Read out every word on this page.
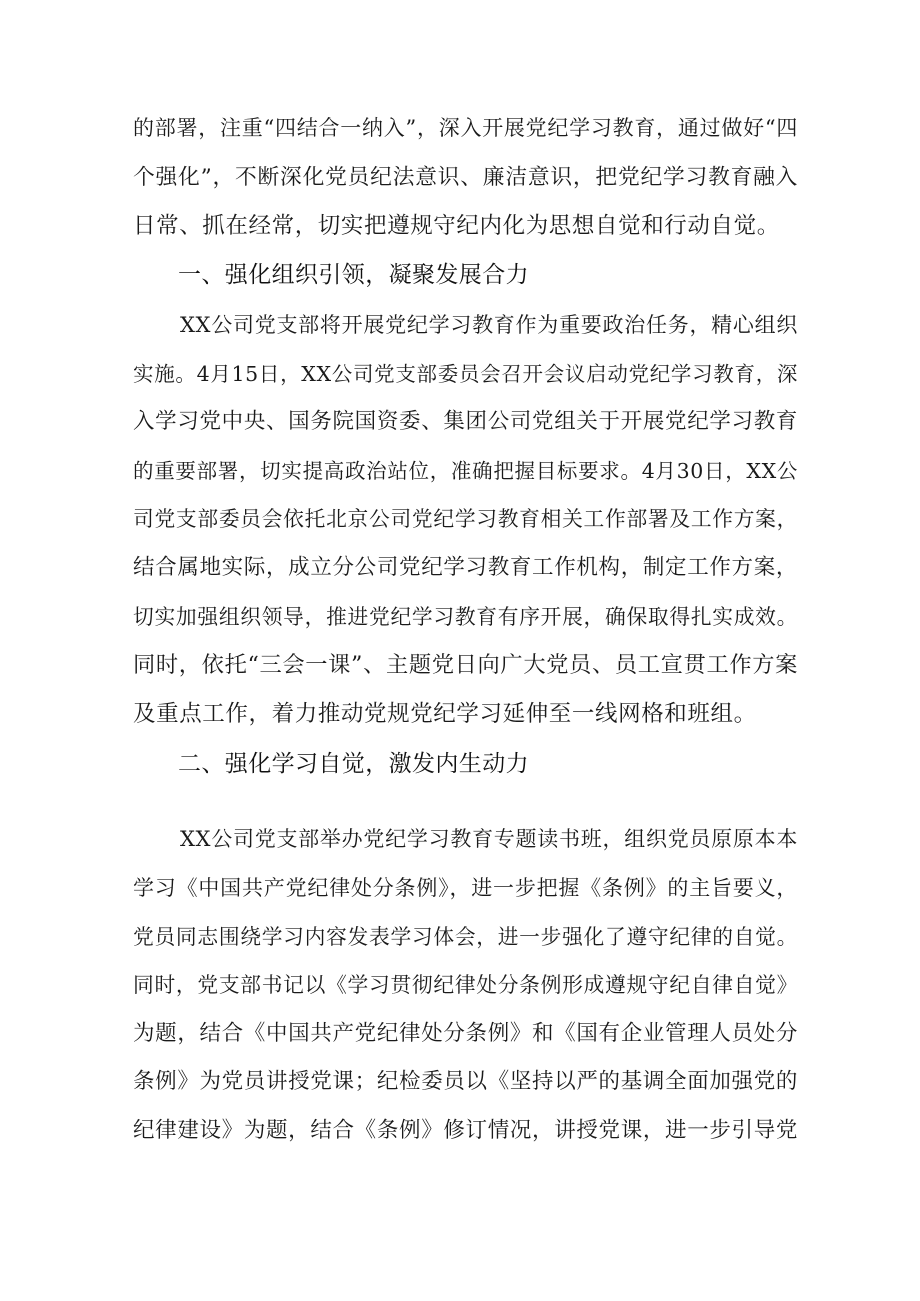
的部署，注重“四结合一纳入”，深入开展党纪学习教育，通过做好“四
个强化”，不断深化党员纪法意识、廉洁意识，把党纪学习教育融入
日常、抓在经常，切实把遵规守纪内化为思想自觉和行动自觉。
一、强化组织引领，凝聚发展合力
XX公司党支部将开展党纪学习教育作为重要政治任务，精心组织
实施。4月15日，XX公司党支部委员会召开会议启动党纪学习教育，深
入学习党中央、国务院国资委、集团公司党组关于开展党纪学习教育
的重要部署，切实提高政治站位，准确把握目标要求。4月30日，XX公
司党支部委员会依托北京公司党纪学习教育相关工作部署及工作方案，
结合属地实际，成立分公司党纪学习教育工作机构，制定工作方案，
切实加强组织领导，推进党纪学习教育有序开展，确保取得扎实成效。
同时，依托“三会一课”、主题党日向广大党员、员工宣贯工作方案
及重点工作，着力推动党规党纪学习延伸至一线网格和班组。
二、强化学习自觉，激发内生动力
XX公司党支部举办党纪学习教育专题读书班，组织党员原原本本
学习《中国共产党纪律处分条例》，进一步把握《条例》的主旨要义，
党员同志围绕学习内容发表学习体会，进一步强化了遵守纪律的自觉。
同时，党支部书记以《学习贯彻纪律处分条例形成遵规守纪自律自觉》
为题，结合《中国共产党纪律处分条例》和《国有企业管理人员处分
条例》为党员讲授党课；纪检委员以《坚持以严的基调全面加强党的
纪律建设》为题，结合《条例》修订情况，讲授党课，进一步引导党
